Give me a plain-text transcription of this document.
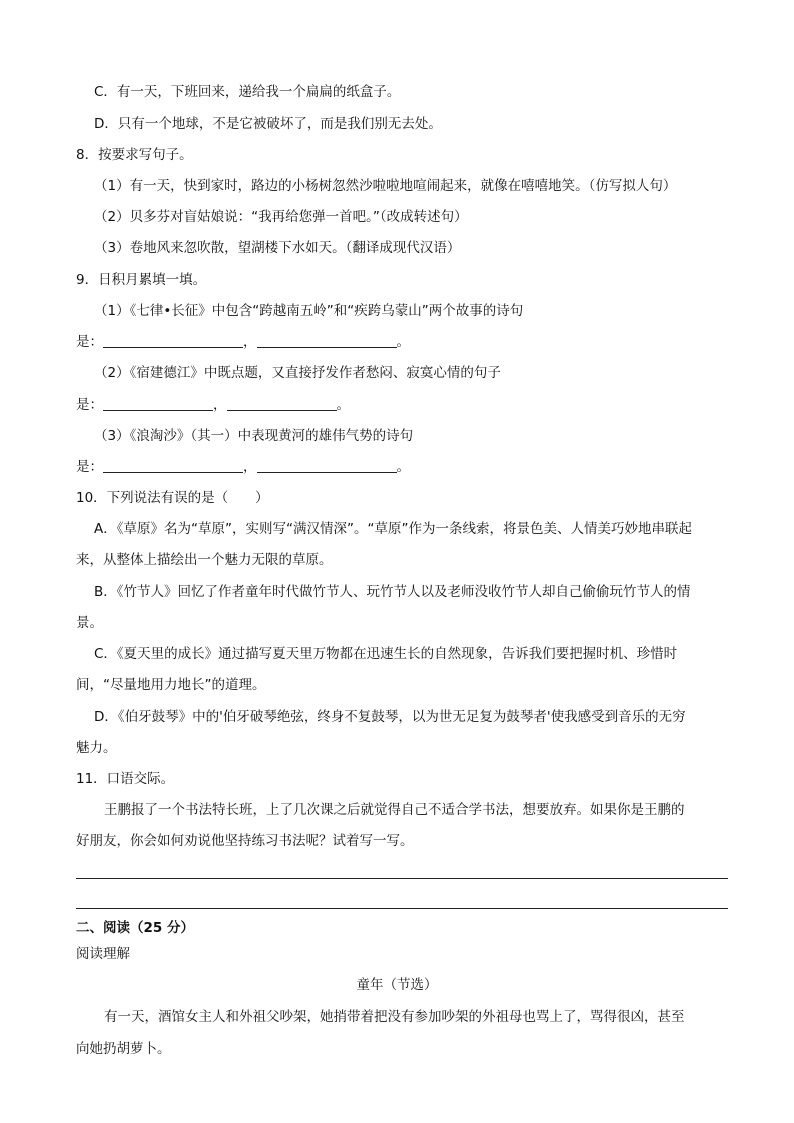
C．有一天，下班回来，递给我一个扁扁的纸盒子。
D．只有一个地球，不是它被破坏了，而是我们别无去处。
8．按要求写句子。
（1）有一天，快到家时，路边的小杨树忽然沙啦啦地喧闹起来，就像在嘻嘻地笑。（仿写拟人句）
（2）贝多芬对盲姑娘说：“我再给您弹一首吧。”（改成转述句）
（3）卷地风来忽吹散，望湖楼下水如天。（翻译成现代汉语）
9．日积月累填一填。
（1）《七律•长征》中包含“跨越南五岭”和“疾跨乌蒙山”两个故事的诗句
是：	，	。
（2）《宿建德江》中既点题，又直接抒发作者愁闷、寂寞心情的句子
是：	，	。
（3）《浪淘沙》（其一）中表现黄河的雄伟气势的诗句
是：	，	。
10．下列说法有误的是（　　）
A．《草原》名为“草原”，实则写“满汉情深”。“草原”作为一条线索，将景色美、人情美巧妙地串联起
来，从整体上描绘出一个魅力无限的草原。
B．《竹节人》回忆了作者童年时代做竹节人、玩竹节人以及老师没收竹节人却自己偷偷玩竹节人的情
景。
C．《夏天里的成长》通过描写夏天里万物都在迅速生长的自然现象，告诉我们要把握时机、珍惜时
间，“尽量地用力地长”的道理。
D．《伯牙鼓琴》中的'伯牙破琴绝弦，终身不复鼓琴，以为世无足复为鼓琴者'使我感受到音乐的无穷
魅力。
11．口语交际。
王鹏报了一个书法特长班，上了几次课之后就觉得自己不适合学书法，想要放弃。如果你是王鹏的
好朋友，你会如何劝说他坚持练习书法呢？试着写一写。
二、阅读（25 分）
阅读理解
童年（节选）
有一天，酒馆女主人和外祖父吵架，她捎带着把没有参加吵架的外祖母也骂上了，骂得很凶，甚至
向她扔胡萝卜。
